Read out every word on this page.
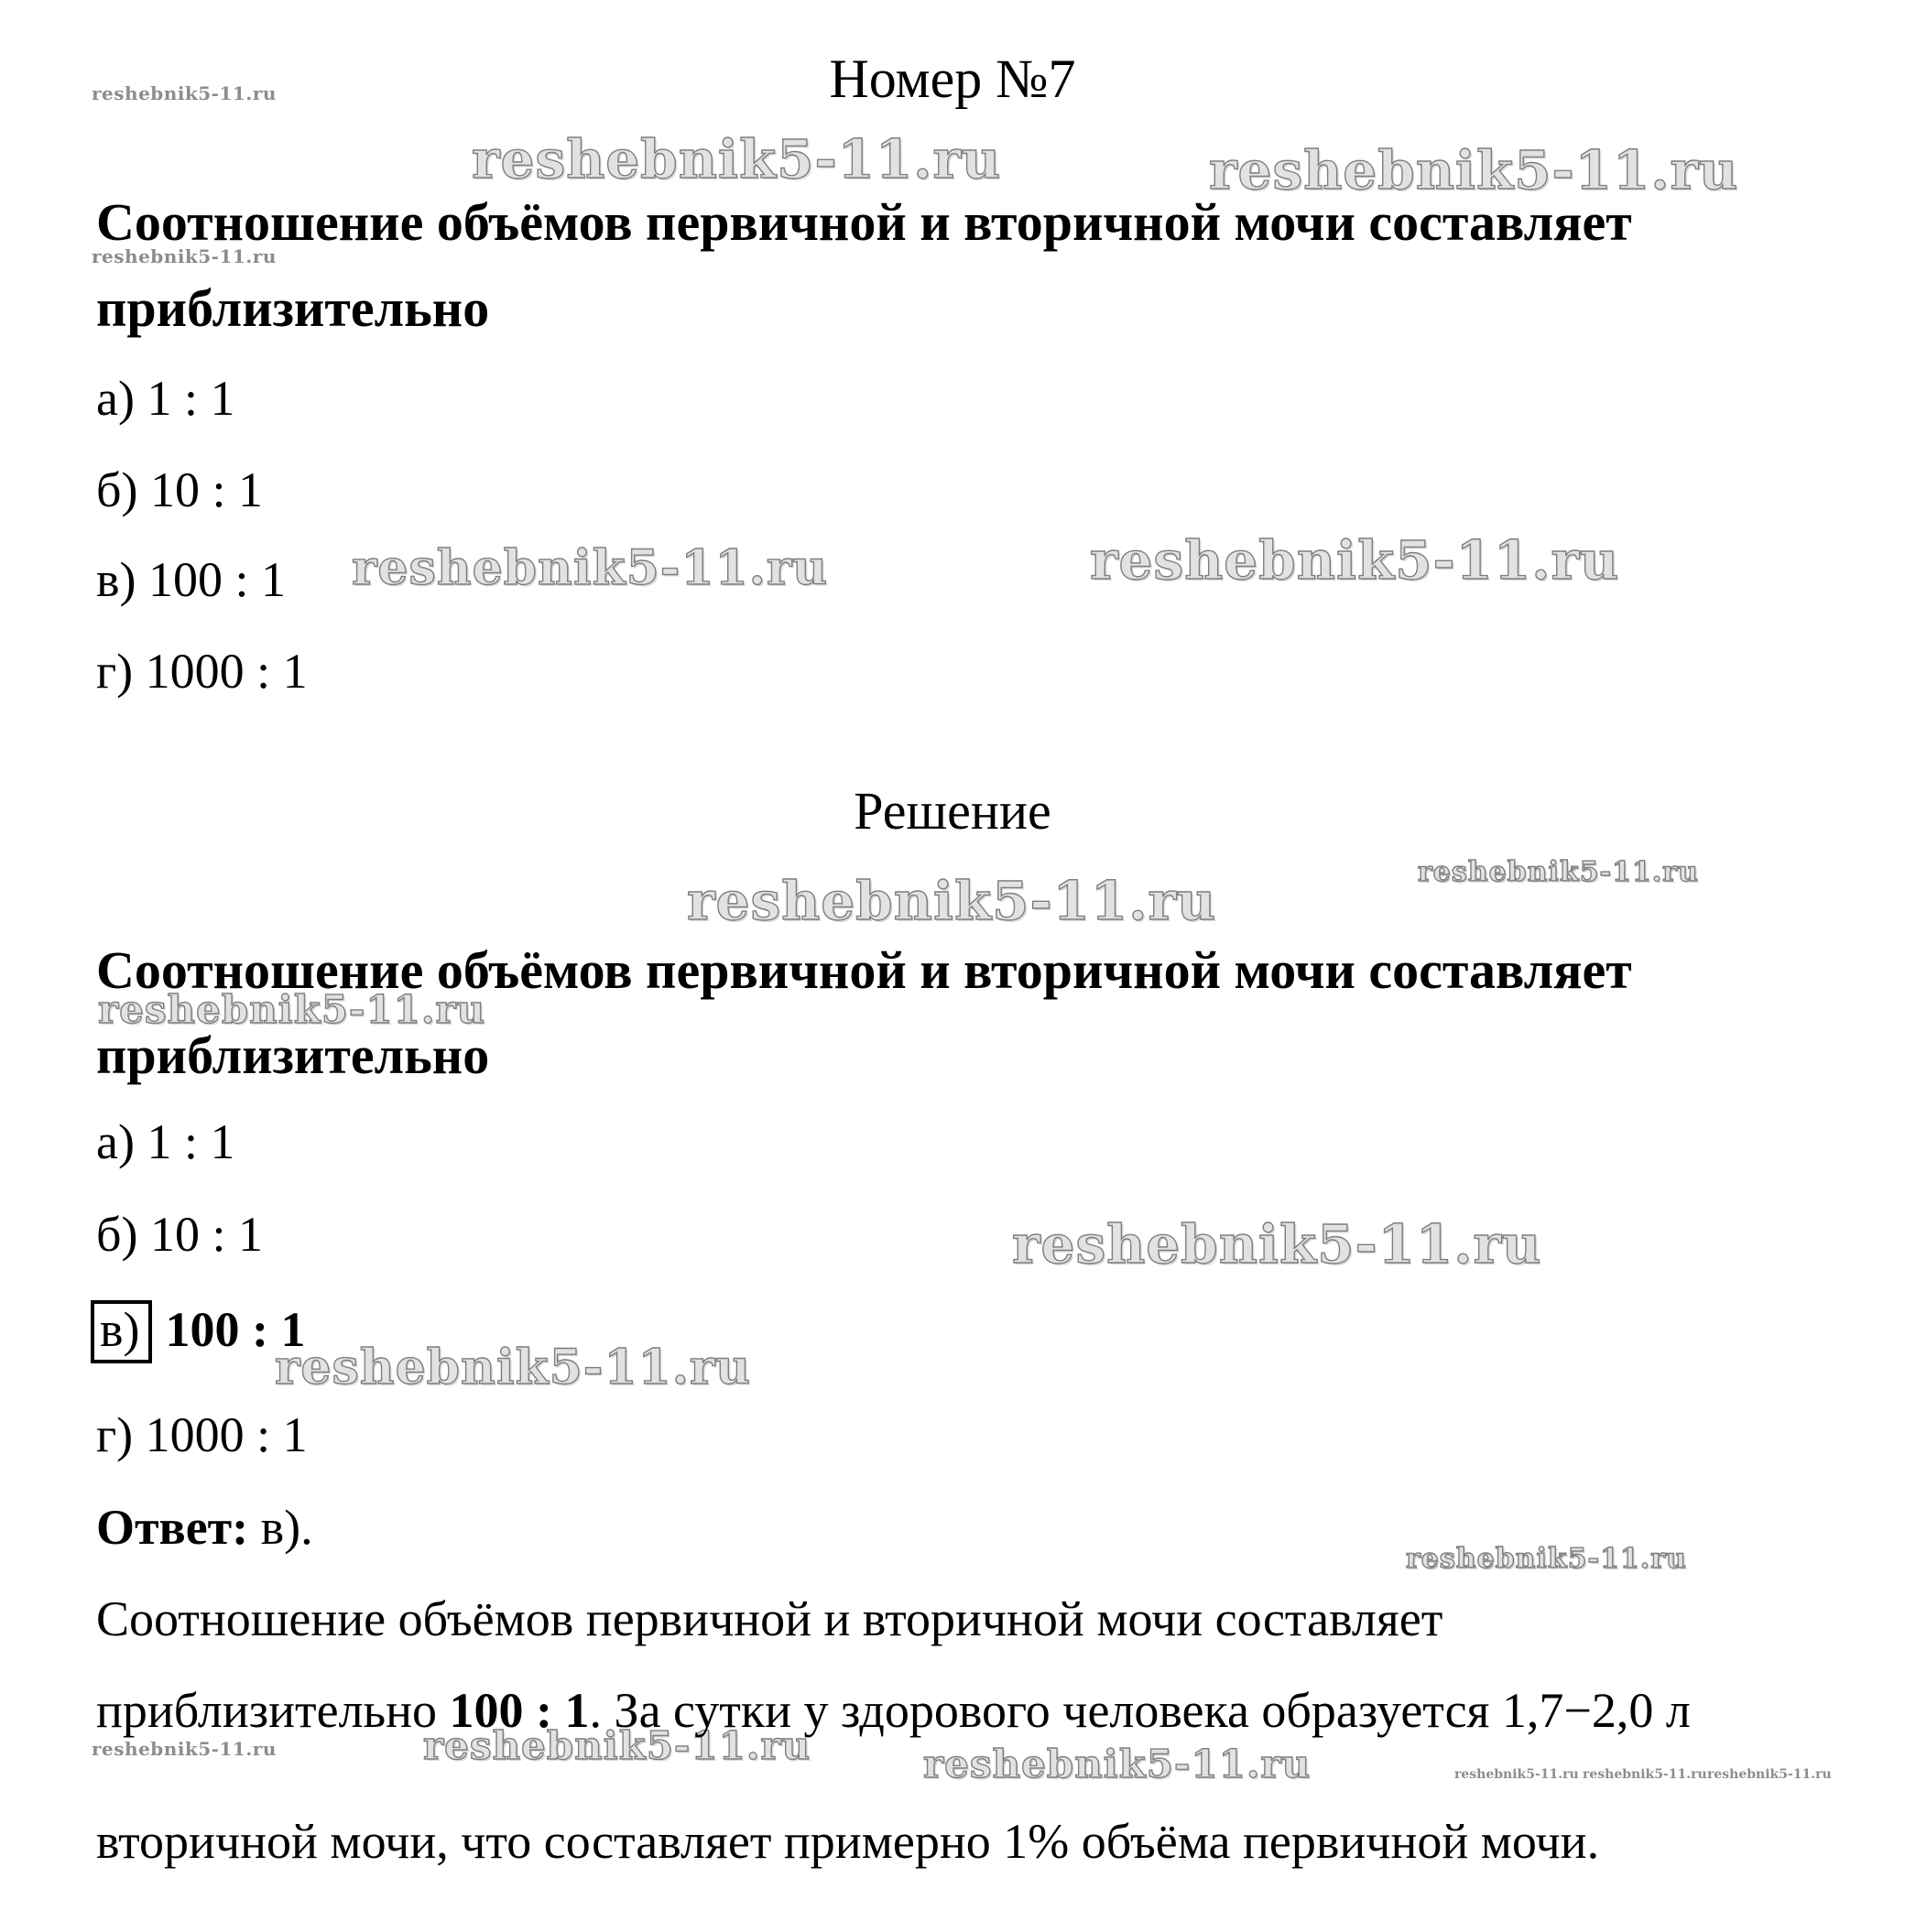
reshebnik5-11.ru
reshebnik5-11.ru	reshebnik5-11.ru
reshebnik5-11.ru
reshebnik5-11.ru	reshebnik5-11.ru
reshebnik5-11.ru
reshebnik5-11.ru
reshebnik5-11.ru
reshebnik5-11.ru
reshebnik5-11.ru
reshebnik5-11.ru
reshebnik5-11.ru	reshebnik5-11.ru	reshebnik5-11.ru	reshebnik5-11.ru reshebnik5-11.ru reshebnik5-11.ru
Номер №7
Соотношение объёмов первичной и вторичной мочи составляет
приблизительно
а) 1 : 1
б) 10 : 1
в) 100 : 1
г) 1000 : 1
Решение
Соотношение объёмов первичной и вторичной мочи составляет
приблизительно
а) 1 : 1
б) 10 : 1
в) 100 : 1
г) 1000 : 1
Ответ: в).
Соотношение объёмов первичной и вторичной мочи составляет
приблизительно 100 : 1. За сутки у здорового человека образуется 1,7−2,0 л
вторичной мочи, что составляет примерно 1% объёма первичной мочи.
